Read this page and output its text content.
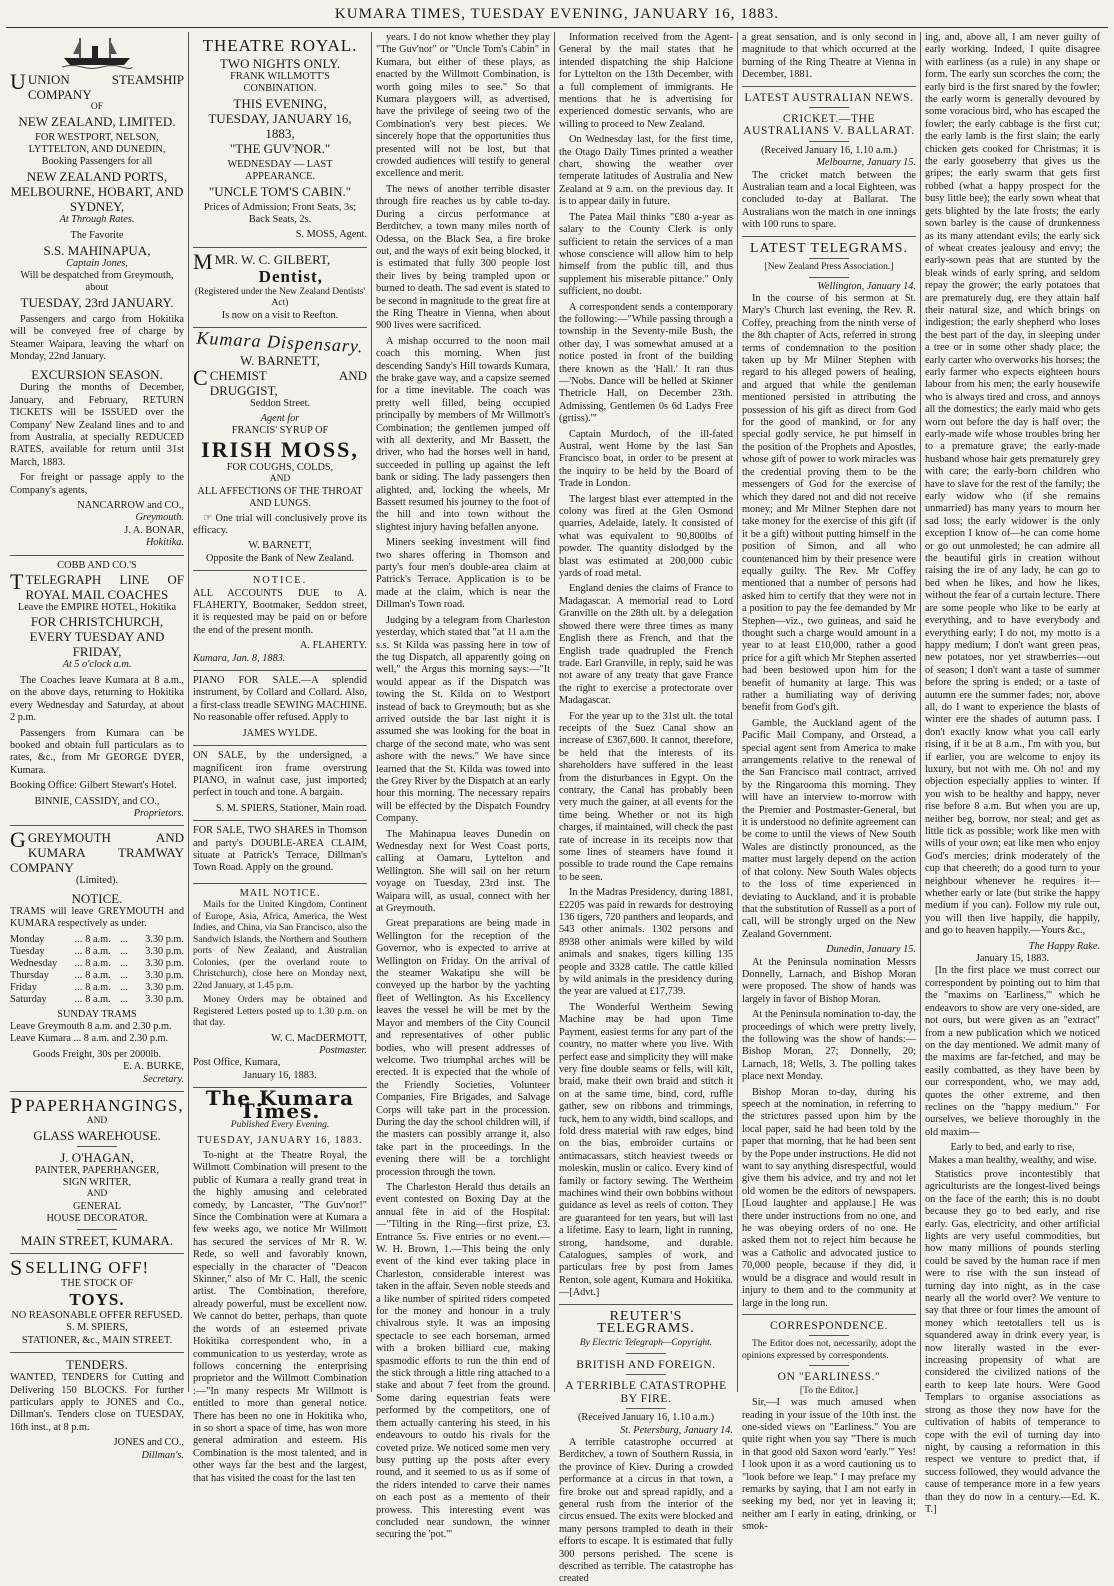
KUMARA TIMES, TUESDAY EVENING, JANUARY 16, 1883.
UUNION STEAMSHIP COMPANY
OF
NEW ZEALAND, LIMITED.
FOR WESTPORT, NELSON, LYTTELTON, AND DUNEDIN,
Booking Passengers for all
NEW ZEALAND PORTS, MELBOURNE, HOBART, AND SYDNEY,
At Through Rates.
The Favorite
S.S. MAHINAPUA,
Captain Jones,
Will be despatched from Greymouth, about
TUESDAY, 23rd JANUARY.

Passengers and cargo from Hokitika will be conveyed free of charge by Steamer Waipara, leaving the wharf on Monday, 22nd January.

EXCURSION SEASON.

During the months of December, January, and February, RETURN TICKETS will be ISSUED over the Company' New Zealand lines and to and from Australia, at specially REDUCED RATES, available for return until 31st March, 1883.

For freight or passage apply to the Company's agents,

NANCARROW and CO.,
Greymouth.
J. A. BONAR,
Hokitika.
COBB AND CO.'S
TTELEGRAPH LINE OF ROYAL MAIL COACHES
Leave the EMPIRE HOTEL, Hokitika
FOR CHRISTCHURCH,
EVERY TUESDAY AND FRIDAY,
At 5 o'clock a.m.

The Coaches leave Kumara at 8 a.m., on the above days, returning to Hokitika every Wednesday and Saturday, at about 2 p.m.

Passengers from Kumara can be booked and obtain full particulars as to rates, &c., from Mr GEORGE DYER, Kumara.

Booking Office: Gilbert Stewart's Hotel.

BINNIE, CASSIDY, and CO.,
Proprietors.
GGREYMOUTH AND KUMARA TRAMWAY COMPANY
(Limited).
NOTICE.

TRAMS will leave GREYMOUTH and KUMARA respectively as under.

Monday	...	8 a.m.	...	3.30 p.m.
Tuesday	...	8 a.m.	...	3.30 p.m.
Wednesday	...	8 a.m.	...	3.30 p.m.
Thursday	...	8 a.m.	...	3.30 p.m.
Friday	...	8 a.m.	...	3.30 p.m.
Saturday	...	8 a.m.	...	3.30 p.m.
SUNDAY TRAMS
Leave Greymouth 8 a.m. and 2.30 p.m.
Leave Kumara ... 8 a.m. and 2.30 p.m.
Goods Freight, 30s per 2000lb.
E. A. BURKE,
Secretary.
P PAPERHANGINGS,
AND
GLASS WAREHOUSE.
J. O'HAGAN,
PAINTER, PAPERHANGER,
SIGN WRITER,
AND
GENERAL
HOUSE DECORATOR.
MAIN STREET, KUMARA.
S SELLING OFF!
THE STOCK OF
TOYS.
NO REASONABLE OFFER REFUSED.
S. M. SPIERS,
STATIONER, &c., MAIN STREET.
TENDERS.

WANTED, TENDERS for Cutting and Delivering 150 BLOCKS. For further particulars apply to JONES and Co., Dillman's. Tenders close on TUESDAY, 16th inst., at 8 p.m.

JONES and CO.,
Dillman's.
THEATRE ROYAL.
TWO NIGHTS ONLY.
FRANK WILLMOTT'S CONBINATION.
THIS EVENING,
TUESDAY, JANUARY 16, 1883,
"THE GUV'NOR."
WEDNESDAY — LAST APPEARANCE.
"UNCLE TOM'S CABIN."

Prices of Admission; Front Seats, 3s; Back Seats, 2s.

S. MOSS, Agent.
MMR. W. C. GILBERT,
Dentist,
(Registered under the New Zealand Dentists' Act)
Is now on a visit to Reefton.
Kumara Dispensary.
W. BARNETT,
CCHEMIST AND DRUGGIST,
Seddon Street.
Agent for
FRANCIS' SYRUP OF
IRISH MOSS,
FOR COUGHS, COLDS,
AND
ALL AFFECTIONS OF THE THROAT AND LUNGS.

☞ One trial will conclusively prove its efficacy.

W. BARNETT,
Opposite the Bank of New Zealand.
NOTICE.

ALL ACCOUNTS DUE to A. FLAHERTY, Bootmaker, Seddon street, it is requested may be paid on or before the end of the present month.

A. FLAHERTY.
Kumara, Jan. 8, 1883.

PIANO FOR SALE.—A splendid instrument, by Collard and Collard. Also, a first-class treadle SEWING MACHINE. No reasonable offer refused. Apply to

JAMES WYLDE.

ON SALE, by the undersigned, a magnificent iron frame overstrung PIANO, in walnut case, just imported; perfect in touch and tone. A bargain.

S. M. SPIERS, Stationer, Main road.

FOR SALE, TWO SHARES in Thomson and party's DOUBLE-AREA CLAIM, situate at Patrick's Terrace, Dillman's Town Road. Apply on the ground.

MAIL NOTICE.

Mails for the United Kingdom, Continent of Europe, Asia, Africa, America, the West Indies, and China, via San Francisco, also the Sandwich Islands, the Northern and Southern ports of New Zealand, and Australian Colonies, (per the overland route to Christchurch), close here on Monday next, 22nd January, at 1.45 p.m.

Money Orders may be obtained and Registered Letters posted up to 1.30 p.m. on that day.

W. C. MacDERMOTT,
Postmaster.
Post Office, Kumara,
January 16, 1883.
The Kumara Times.
Published Every Evening.
TUESDAY, JANUARY 16, 1883.

To-night at the Theatre Royal, the Willmott Combination will present to the public of Kumara a really grand treat in the highly amusing and celebrated comedy, by Lancaster, "The Guv'nor!" Since the Combination were at Kumara a few weeks ago, we notice Mr Willmott has secured the services of Mr R. W. Rede, so well and favorably known, especially in the character of "Deacon Skinner," also of Mr C. Hall, the scenic artist. The Combination, therefore, already powerful, must be excellent now. We cannot do better, perhaps, than quote the words of an esteemed private Hokitika correspondent who, in a communication to us yesterday, wrote as follows concerning the enterprising proprietor and the Willmott Combination :—"In many respects Mr Willmott is entitled to more than general notice. There has been no one in Hokitika who, in so short a space of time, has won more general admiration and esteem. His Combination is the most talented, and in other ways far the best and the largest, that has visited the coast for the last ten

years. I do not know whether they play "The Guv'nor" or "Uncle Tom's Cabin" in Kumara, but either of these plays, as enacted by the Willmott Combination, is worth going miles to see." So that Kumara playgoers will, as advertised, have the privilege of seeing two of the Combination's very best pieces. We sincerely hope that the opportunities thus presented will not be lost, but that crowded audiences will testify to general excellence and merit.

The news of another terrible disaster through fire reaches us by cable to-day. During a circus performance at Berditchev, a town many miles north of Odessa, on the Black Sea, a fire broke out, and the ways of exit being blocked, it is estimated that fully 300 people lost their lives by being trampled upon or burned to death. The sad event is stated to be second in magnitude to the great fire at the Ring Theatre in Vienna, when about 900 lives were sacrificed.

A mishap occurred to the noon mail coach this morning. When just descending Sandy's Hill towards Kumara, the brake gave way, and a capsize seemed for a time inevitable. The coach was pretty well filled, being occupied principally by members of Mr Willmott's Combination; the gentlemen jumped off with all dexterity, and Mr Bassett, the driver, who had the horses well in hand, succeeded in pulling up against the left bank or siding. The lady passengers then alighted, and, locking the wheels, Mr Bassett resumed his journey to the foot of the hill and into town without the slightest injury having befallen anyone.

Miners seeking investment will find two shares offering in Thomson and party's four men's double-area claim at Patrick's Terrace. Application is to be made at the claim, which is near the Dillman's Town road.

Judging by a telegram from Charleston yesterday, which stated that "at 11 a.m the s.s. St Kilda was passing here in tow of the tug Dispatch, all apparently going on well," the Argus this morning says:—"It would appear as if the Dispatch was towing the St. Kilda on to Westport instead of back to Greymouth; but as she arrived outside the bar last night it is assumed she was looking for the boat in charge of the second mate, who was sent ashore with the news." We have since learned that the St. Kilda was towed into the Grey River by the Dispatch at an early hour this morning. The necessary repairs will be effected by the Dispatch Foundry Company.

The Mahinapua leaves Dunedin on Wednesday next for West Coast ports, calling at Oamaru, Lyttelton and Wellington. She will sail on her return voyage on Tuesday, 23rd inst. The Waipara will, as usual, connect with her at Greymouth.

Great preparations are being made in Wellington for the reception of the Governor, who is expected to arrive at Wellington on Friday. On the arrival of the steamer Wakatipu she will be conveyed up the harbor by the yachting fleet of Wellington. As his Excellency leaves the vessel he will be met by the Mayor and members of the City Council and representatives of other public bodies, who will present addresses of welcome. Two triumphal arches will be erected. It is expected that the whole of the Friendly Societies, Volunteer Companies, Fire Brigades, and Salvage Corps will take part in the procession. During the day the school children will, if the masters can possibly arrange it, also take part in the proceedings. In the evening there will be a torchlight procession through the town.

The Charleston Herald thus details an event contested on Boxing Day at the annual fête in aid of the Hospital:—"Tilting in the Ring—first prize, £3. Entrance 5s. Five entries or no event.—W. H. Brown, 1.—This being the only event of the kind ever taking place in Charleston, considerable interest was taken in the affair. Seven noble steeds and a like number of spirited riders competed for the money and honour in a truly chivalrous style. It was an imposing spectacle to see each horseman, armed with a broken billiard cue, making spasmodic efforts to run the thin end of the stick through a little ring attached to a stake and about 7 feet from the ground. Some daring equestrian feats were performed by the competitors, one of them actually cantering his steed, in his endeavours to outdo his rivals for the coveted prize. We noticed some men very busy putting up the posts after every round, and it seemed to us as if some of the riders intended to carve their names on each post as a memento of their prowess. This interesting event was concluded near sundown, the winner securing the 'pot.'"

Information received from the Agent-General by the mail states that he intended dispatching the ship Halcione for Lyttelton on the 13th December, with a full complement of immigrants. He mentions that he is advertising for experienced domestic servants, who are willing to proceed to New Zealand.

On Wednesday last, for the first time, the Otago Daily Times printed a weather chart, showing the weather over temperate latitudes of Australia and New Zealand at 9 a.m. on the previous day. It is to appear daily in future.

The Patea Mail thinks "£80 a-year as salary to the County Clerk is only sufficient to retain the services of a man whose conscience will allow him to help himself from the public till, and thus supplement his miserable pittance." Only sufficient, no doubt.

A correspondent sends a contemporary the following:—"While passing through a township in the Seventy-mile Bush, the other day, I was somewhat amused at a notice posted in front of the building there known as the 'Hall.' It ran thus—'Nobs. Dance will be helled at Skinner Thetricle Hall, on December 23th. Admissing, Gentlemen 0s 6d Ladys Free (grtiss).'"

Captain Murdoch, of the ill-fated Austral, went Home by the last San Francisco boat, in order to be present at the inquiry to be held by the Board of Trade in London.

The largest blast ever attempted in the colony was fired at the Glen Osmond quarries, Adelaide, lately. It consisted of what was equivalent to 90,800lbs of powder. The quantity dislodged by the blast was estimated at 200,000 cubic yards of road metal.

England denies the claims of France to Madagascar. A memorial read to Lord Granville on the 28th ult. by a delegation showed there were three times as many English there as French, and that the English trade quadrupled the French trade. Earl Granville, in reply, said he was not aware of any treaty that gave France the right to exercise a protectorate over Madagascar.

For the year up to the 31st ult. the total receipts of the Suez Canal show an increase of £367,600. It cannot, therefore, be held that the interests of its shareholders have suffered in the least from the disturbances in Egypt. On the contrary, the Canal has probably been very much the gainer, at all events for the time being. Whether or not its high charges, if maintained, will check the past rate of increase in its receipts now that some lines of steamers have found it possible to trade round the Cape remains to be seen.

In the Madras Presidency, during 1881, £2205 was paid in rewards for destroying 136 tigers, 720 panthers and leopards, and 543 other animals. 1302 persons and 8938 other animals were killed by wild animals and snakes, tigers killing 135 people and 3328 cattle. The cattle killed by wild animals in the presidency during the year are valued at £17,739.

The Wonderful Wertheim Sewing Machine may be had upon Time Payment, easiest terms for any part of the country, no matter where you live. With perfect ease and simplicity they will make very fine double seams or fells, will kilt, braid, make their own braid and stitch it on at the same time, bind, cord, ruffle gather, sew on ribbons and trimmings, tuck, hem to any width, bind scallops, and fold dress material with raw edges, bind on the bias, embroider curtains or antimacassars, stitch heaviest tweeds or moleskin, muslin or calico. Every kind of family or factory sewing. The Wertheim machines wind their own bobbins without guidance as level as reels of cotton. They are guaranteed for ten years, but will last a lifetime. Easy to learn, light in running, strong, handsome, and durable. Catalogues, samples of work, and particulars free by post from James Renton, sole agent, Kumara and Hokitika.—[Advt.]

REUTER'S TELEGRAMS.
By Electric Telegraph—Copyright.
BRITISH AND FOREIGN.
A TERRIBLE CATASTROPHE BY FIRE.
(Received January 16, 1.10 a.m.)
St. Petersburg, January 14.

A terrible catastrophe occurred at Berditchev, a town of Southern Russia, in the province of Kiev. During a crowded performance at a circus in that town, a fire broke out and spread rapidly, and a general rush from the interior of the circus ensued. The exits were blocked and many persons trampled to death in their efforts to escape. It is estimated that fully 300 persons perished. The scene is described as terrible. The catastrophe has created

a great sensation, and is only second in magnitude to that which occurred at the burning of the Ring Theatre at Vienna in December, 1881.

LATEST AUSTRALIAN NEWS.
CRICKET.—THE AUSTRALIANS V. BALLARAT.
(Received January 16, 1.10 a.m.)
Melbourne, January 15.

The cricket match between the Australian team and a local Eighteen, was concluded to-day at Ballarat. The Australians won the match in one innings with 100 runs to spare.

LATEST TELEGRAMS.
[New Zealand Press Association.]
Wellington, January 14.

In the course of his sermon at St. Mary's Church last evening, the Rev. R. Coffey, preaching from the ninth verse of the 8th chapter of Acts, referred in strong terms of condemnation to the position taken up by Mr Milner Stephen with regard to his alleged powers of healing, and argued that while the gentleman mentioned persisted in attributing the possession of his gift as direct from God for the good of mankind, or for any special godly service, he put himself in the position of the Prophets and Apostles, whose gift of power to work miracles was the credential proving them to be the messengers of God for the exercise of which they dared not and did not receive money; and Mr Milner Stephen dare not take money for the exercise of this gift (if it be a gift) without putting himself in the position of Simon, and all who countenanced him by their presence were equally guilty. The Rev. Mr Coffey mentioned that a number of persons had asked him to certify that they were not in a position to pay the fee demanded by Mr Stephen—viz., two guineas, and said he thought such a charge would amount in a year to at least £10,000, rather a good price for a gift which Mr Stephen asserted had been bestowed upon him for the benefit of humanity at large. This was rather a humiliating way of deriving benefit from God's gift.

Gamble, the Auckland agent of the Pacific Mail Company, and Orstead, a special agent sent from America to make arrangements relative to the renewal of the San Francisco mail contract, arrived by the Ringarooma this morning. They will have an interview to-morrow with the Premier and Postmaster-General, but it is understood no definite agreement can be come to until the views of New South Wales are distinctly pronounced, as the matter must largely depend on the action of that colony. New South Wales objects to the loss of time experienced in deviating to Auckland, and it is probable that the substitution of Russell as a port of call, will be strongly urged on the New Zealand Government.

Dunedin, January 15.

At the Peninsula nomination Messrs Donnelly, Larnach, and Bishop Moran were proposed. The show of hands was largely in favor of Bishop Moran.

At the Peninsula nomination to-day, the proceedings of which were pretty lively, the following was the show of hands:—Bishop Moran, 27; Donnelly, 20; Larnach, 18; Wells, 3. The polling takes place next Monday.

Bishop Moran to-day, during his speech at the nomination, in referring to the strictures passed upon him by the local paper, said he had been told by the paper that morning, that he had been sent by the Pope under instructions. He did not want to say anything disrespectful, would give them his advice, and try and not let old women be the editors of newspapers. [Loud laughter and applause.] He was there under instructions from no one, and he was obeying orders of no one. He asked them not to reject him because he was a Catholic and advocated justice to 70,000 people, because if they did, it would be a disgrace and would result in injury to them and to the community at large in the long run.

CORRESPONDENCE.

The Editor does not, necessarily, adopt the opinions expressed by correspondents.

ON "EARLINESS."
[To the Editor.]

Sir,—I was much amused when reading in your issue of the 10th inst. the one-sided views on "Earliness." You are quite right when you say "There is much in that good old Saxon word 'early.'" Yes! I look upon it as a word cautioning us to "look before we leap." I may preface my remarks by saying, that I am not early in seeking my bed, nor yet in leaving it; neither am I early in eating, drinking, or smok-

ing, and, above all, I am never guilty of early working. Indeed, I quite disagree with earliness (as a rule) in any shape or form. The early sun scorches the corn; the early bird is the first snared by the fowler; the early worm is generally devoured by some voracious bird, who has escaped the fowler; the early cabbage is the first cut; the early lamb is the first slain; the early chicken gets cooked for Christmas; it is the early gooseberry that gives us the gripes; the early swarm that gets first robbed (what a happy prospect for the busy little bee); the early sown wheat that gets blighted by the late frosts; the early sown barley is the cause of drunkenness as its many attendant evils; the early sick of wheat creates jealousy and envy; the early-sown peas that are stunted by the bleak winds of early spring, and seldom repay the grower; the early potatoes that are prematurely dug, ere they attain half their natural size, and which brings on indigestion; the early shepherd who loses the best part of the day, in sleeping under a tree or in some other shady place; the early carter who overworks his horses; the early farmer who expects eighteen hours labour from his men; the early housewife who is always tired and cross, and annoys all the domestics; the early maid who gets worn out before the day is half over; the early-made wife whose troubles bring her to a premature grave; the early-made husband whose hair gets prematurely grey with care; the early-born children who have to slave for the rest of the family; the early widow who (if she remains unmarried) has many years to mourn her sad loss; the early widower is the only exception I know of—he can come home or go out unmolested; he can admire all the beautiful girls in creation without raising the ire of any lady, he can go to bed when he likes, and how he likes, without the fear of a curtain lecture. There are some people who like to be early at everything, and to have everybody and everything early; I do not, my motto is a happy medium; I don't want green peas, new potatoes, nor yet strawberries—out of season; I don't want a taste of summer before the spring is ended; or a taste of autumn ere the summer fades; nor, above all, do I want to experience the blasts of winter ere the shades of autumn pass. I don't exactly know what you call early rising, if it be at 8 a.m., I'm with you, but if earlier, you are welcome to enjoy its luxury, but not with me. Oh no! and my objection especially applies to winter. If you wish to be healthy and happy, never rise before 8 a.m. But when you are up, neither beg, borrow, nor steal; and get as little tick as possible; work like men with wills of your own; eat like men who enjoy God's mercies; drink moderately of the cup that cheereth; do a good turn to your neighbour whenever he requires it—whether early or late (but strike the happy medium if you can). Follow my rule out, you will then live happily, die happily, and go to heaven happily.—Yours &c.,

The Happy Rake.
January 15, 1883.

[In the first place we must correct our correspondent by pointing out to him that the "maxims on 'Earliness,'" which he endeavors to show are very one-sided, are not ours, but were given as an "extract" from a new publication which we noticed on the day mentioned. We admit many of the maxims are far-fetched, and may be easily combatted, as they have been by our correspondent, who, we may add, quotes the other extreme, and then reclines on the "happy medium." For ourselves, we believe thoroughly in the old maxim—

Early to bed, and early to rise,
Makes a man healthy, wealthy, and wise.

Statistics prove incontestibly that agriculturists are the longest-lived beings on the face of the earth; this is no doubt because they go to bed early, and rise early. Gas, electricity, and other artificial lights are very useful commodities, but how many millions of pounds sterling could be saved by the human race if men were to rise with the sun instead of turning day into night, as in the case nearly all the world over? We venture to say that three or four times the amount of money which teetotallers tell us is squandered away in drink every year, is now literally wasted in the ever-increasing propensity of what are considered the civilized nations of the earth to keep late hours. Were Good Templars to organise associations as strong as those they now have for the cultivation of habits of temperance to cope with the evil of turning day into night, by causing a reformation in this respect we venture to predict that, if success followed, they would advance the cause of temperance more in a few years than they do now in a century.—Ed. K. T.]
